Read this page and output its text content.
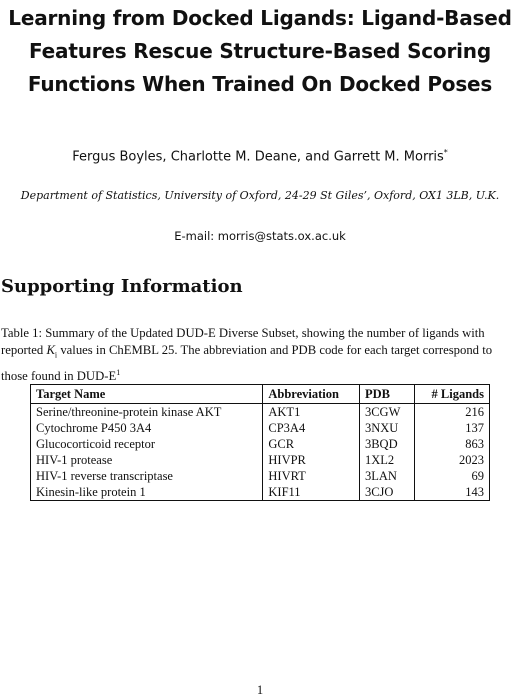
Learning from Docked Ligands: Ligand-Based
Features Rescue Structure-Based Scoring
Functions When Trained On Docked Poses
Fergus Boyles, Charlotte M. Deane, and Garrett M. Morris*
Department of Statistics, University of Oxford, 24-29 St Giles’, Oxford, OX1 3LB, U.K.
E-mail: morris@stats.ox.ac.uk
Supporting Information
Table 1: Summary of the Updated DUD-E Diverse Subset, showing the number of ligands with reported $K_i$ values in ChEMBL 25. The abbreviation and PDB code for each target correspond to those found in DUD-$E^1$
Target Name	Abbreviation	PDB	# Ligands
Serine/threonine-protein kinase AKT	AKT1	3CGW	216
Cytochrome P450 3A4	CP3A4	3NXU	137
Glucocorticoid receptor	GCR	3BQD	863
HIV-1 protease	HIVPR	1XL2	2023
HIV-1 reverse transcriptase	HIVRT	3LAN	69
Kinesin-like protein 1	KIF11	3CJO	143
1
